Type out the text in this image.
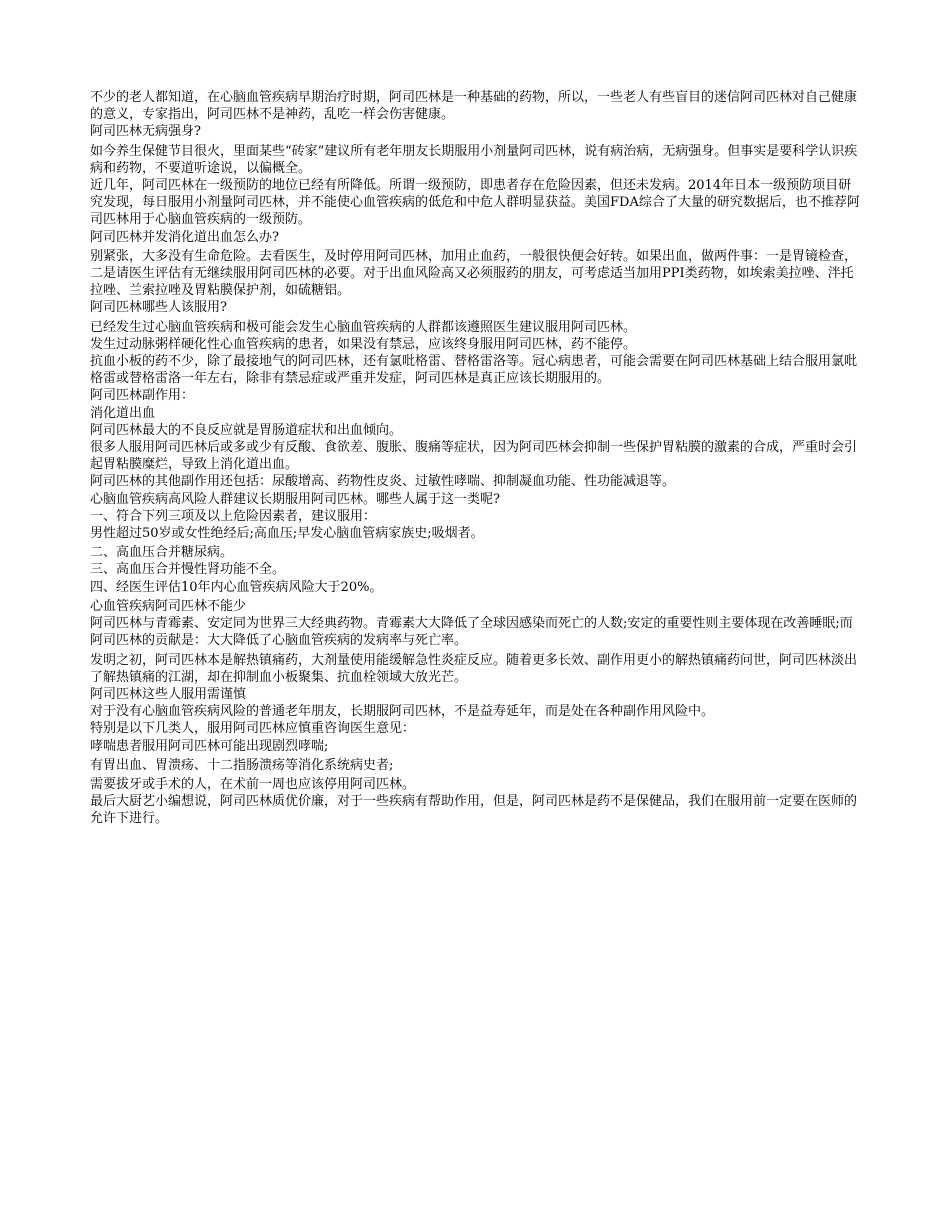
不少的老人都知道，在心脑血管疾病早期治疗时期，阿司匹林是一种基础的药物，所以，一些老人有些盲目的迷信阿司匹林对自己健康的意义，专家指出，阿司匹林不是神药，乱吃一样会伤害健康。

阿司匹林无病强身?

如今养生保健节目很火，里面某些“砖家”建议所有老年朋友长期服用小剂量阿司匹林，说有病治病，无病强身。但事实是要科学认识疾病和药物，不要道听途说，以偏概全。

近几年，阿司匹林在一级预防的地位已经有所降低。所谓一级预防，即患者存在危险因素，但还未发病。2014年日本一级预防项目研究发现，每日服用小剂量阿司匹林，并不能使心血管疾病的低危和中危人群明显获益。美国FDA综合了大量的研究数据后，也不推荐阿司匹林用于心脑血管疾病的一级预防。

阿司匹林并发消化道出血怎么办?

别紧张，大多没有生命危险。去看医生，及时停用阿司匹林，加用止血药，一般很快便会好转。如果出血，做两件事：一是胃镜检查，二是请医生评估有无继续服用阿司匹林的必要。对于出血风险高又必须服药的朋友，可考虑适当加用PPI类药物，如埃索美拉唑、泮托拉唑、兰索拉唑及胃粘膜保护剂，如硫糖铝。

阿司匹林哪些人该服用?

已经发生过心脑血管疾病和极可能会发生心脑血管疾病的人群都该遵照医生建议服用阿司匹林。

发生过动脉粥样硬化性心血管疾病的患者，如果没有禁忌，应该终身服用阿司匹林，药不能停。

抗血小板的药不少，除了最接地气的阿司匹林，还有氯吡格雷、替格雷洛等。冠心病患者，可能会需要在阿司匹林基础上结合服用氯吡格雷或替格雷洛一年左右，除非有禁忌症或严重并发症，阿司匹林是真正应该长期服用的。

阿司匹林副作用：

消化道出血

阿司匹林最大的不良反应就是胃肠道症状和出血倾向。

很多人服用阿司匹林后或多或少有反酸、食欲差、腹胀、腹痛等症状，因为阿司匹林会抑制一些保护胃粘膜的激素的合成，严重时会引起胃粘膜糜烂，导致上消化道出血。

阿司匹林的其他副作用还包括：尿酸增高、药物性皮炎、过敏性哮喘、抑制凝血功能、性功能减退等。

心脑血管疾病高风险人群建议长期服用阿司匹林。哪些人属于这一类呢?

一、符合下列三项及以上危险因素者，建议服用：

男性超过50岁或女性绝经后;高血压;早发心脑血管病家族史;吸烟者。

二、高血压合并糖尿病。

三、高血压合并慢性肾功能不全。

四、经医生评估10年内心血管疾病风险大于20%。

心血管疾病阿司匹林不能少

阿司匹林与青霉素、安定同为世界三大经典药物。青霉素大大降低了全球因感染而死亡的人数;安定的重要性则主要体现在改善睡眠;而阿司匹林的贡献是：大大降低了心脑血管疾病的发病率与死亡率。

发明之初，阿司匹林本是解热镇痛药，大剂量使用能缓解急性炎症反应。随着更多长效、副作用更小的解热镇痛药问世，阿司匹林淡出了解热镇痛的江湖，却在抑制血小板聚集、抗血栓领域大放光芒。

阿司匹林这些人服用需谨慎

对于没有心脑血管疾病风险的普通老年朋友，长期服阿司匹林，不是益寿延年，而是处在各种副作用风险中。

特别是以下几类人，服用阿司匹林应慎重咨询医生意见：

哮喘患者服用阿司匹林可能出现剧烈哮喘;

有胃出血、胃溃疡、十二指肠溃疡等消化系统病史者;

需要拔牙或手术的人，在术前一周也应该停用阿司匹林。

最后大厨艺小编想说，阿司匹林质优价廉，对于一些疾病有帮助作用，但是，阿司匹林是药不是保健品，我们在服用前一定要在医师的允许下进行。
